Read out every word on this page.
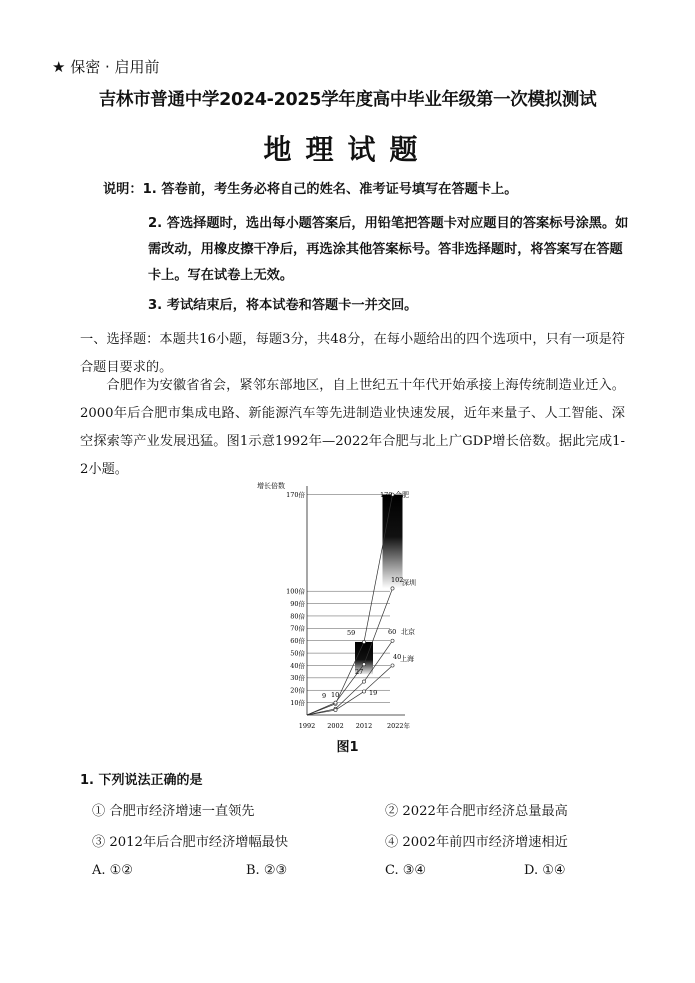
★ 保密 · 启用前
吉林市普通中学2024-2025学年度高中毕业年级第一次模拟测试
地理试题
说明：1. 答卷前，考生务必将自己的姓名、准考证号填写在答题卡上。
2. 答选择题时，选出每小题答案后，用铅笔把答题卡对应题目的答案标号涂黑。如需改动，用橡皮擦干净后，再选涂其他答案标号。答非选择题时，将答案写在答题卡上。写在试卷上无效。
3. 考试结束后，将本试卷和答题卡一并交回。
一、选择题：本题共16小题，每题3分，共48分，在每小题给出的四个选项中，只有一项是符合题目要求的。
合肥作为安徽省省会，紧邻东部地区，自上世纪五十年代开始承接上海传统制造业迁入。2000年后合肥市集成电路、新能源汽车等先进制造业快速发展，近年来量子、人工智能、深空探索等产业发展迅猛。图1示意1992年—2022年合肥与北上广GDP增长倍数。据此完成1-2小题。
增长倍数
10倍
20倍
30倍
40倍
50倍
60倍
70倍
80倍
90倍
100倍
170倍
1992 2002 2012 2022年
9 10
59
27
19
170
102
60
40
合肥
深圳
北京
上海
图1
1. 下列说法正确的是
① 合肥市经济增速一直领先	② 2022年合肥市经济总量最高
③ 2012年后合肥市经济增幅最快	④ 2002年前四市经济增速相近
A. ①②	B. ②③	C. ③④	D. ①④
